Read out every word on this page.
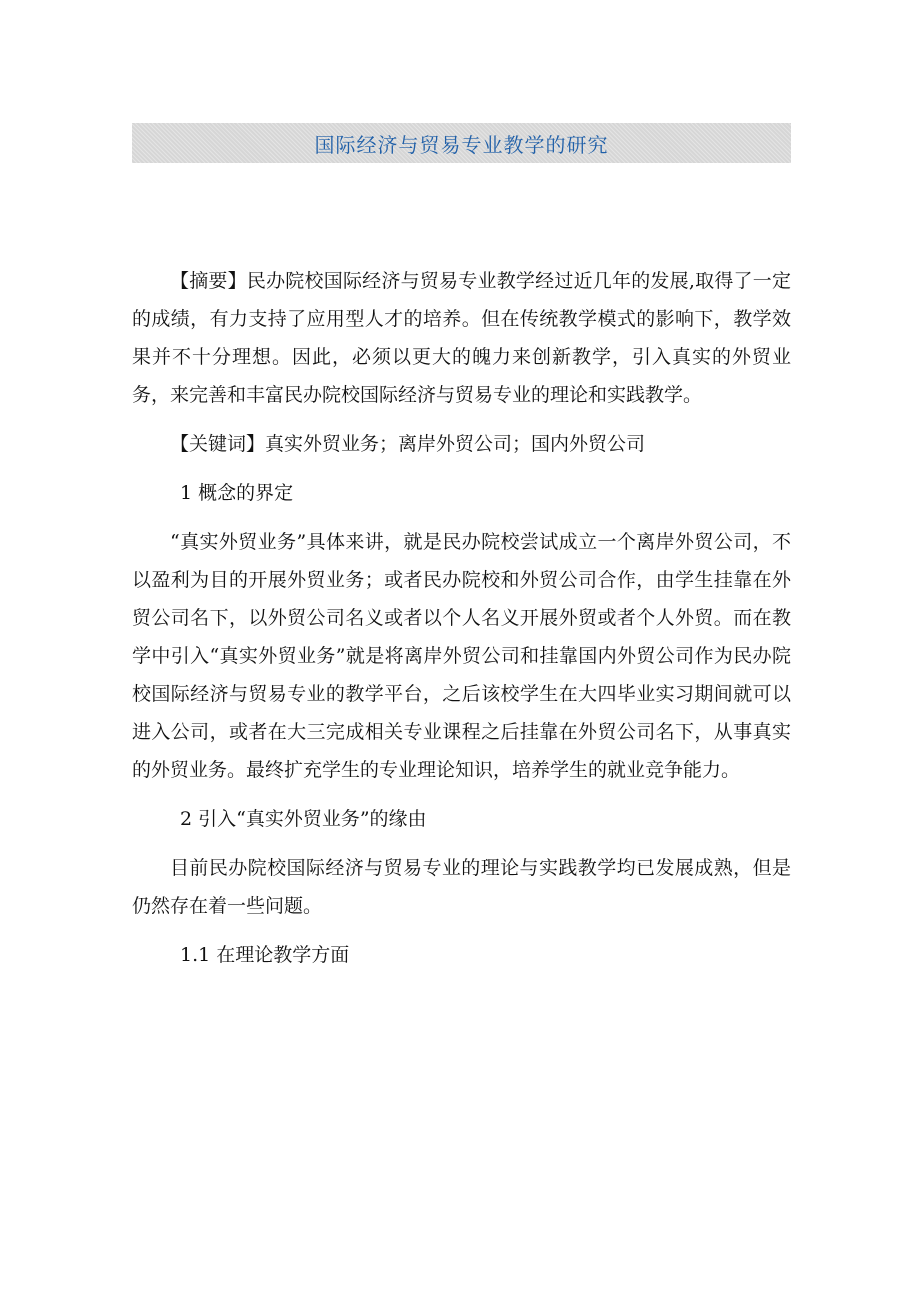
国际经济与贸易专业教学的研究

【摘要】民办院校国际经济与贸易专业教学经过近几年的发展,取得了一定的成绩，有力支持了应用型人才的培养。但在传统教学模式的影响下，教学效果并不十分理想。因此，必须以更大的魄力来创新教学，引入真实的外贸业务，来完善和丰富民办院校国际经济与贸易专业的理论和实践教学。

【关键词】真实外贸业务；离岸外贸公司；国内外贸公司

1 概念的界定

“真实外贸业务”具体来讲，就是民办院校尝试成立一个离岸外贸公司，不以盈利为目的开展外贸业务；或者民办院校和外贸公司合作，由学生挂靠在外贸公司名下，以外贸公司名义或者以个人名义开展外贸或者个人外贸。而在教学中引入“真实外贸业务”就是将离岸外贸公司和挂靠国内外贸公司作为民办院校国际经济与贸易专业的教学平台，之后该校学生在大四毕业实习期间就可以进入公司，或者在大三完成相关专业课程之后挂靠在外贸公司名下，从事真实的外贸业务。最终扩充学生的专业理论知识，培养学生的就业竞争能力。

2 引入“真实外贸业务”的缘由

目前民办院校国际经济与贸易专业的理论与实践教学均已发展成熟，但是仍然存在着一些问题。

1.1 在理论教学方面
